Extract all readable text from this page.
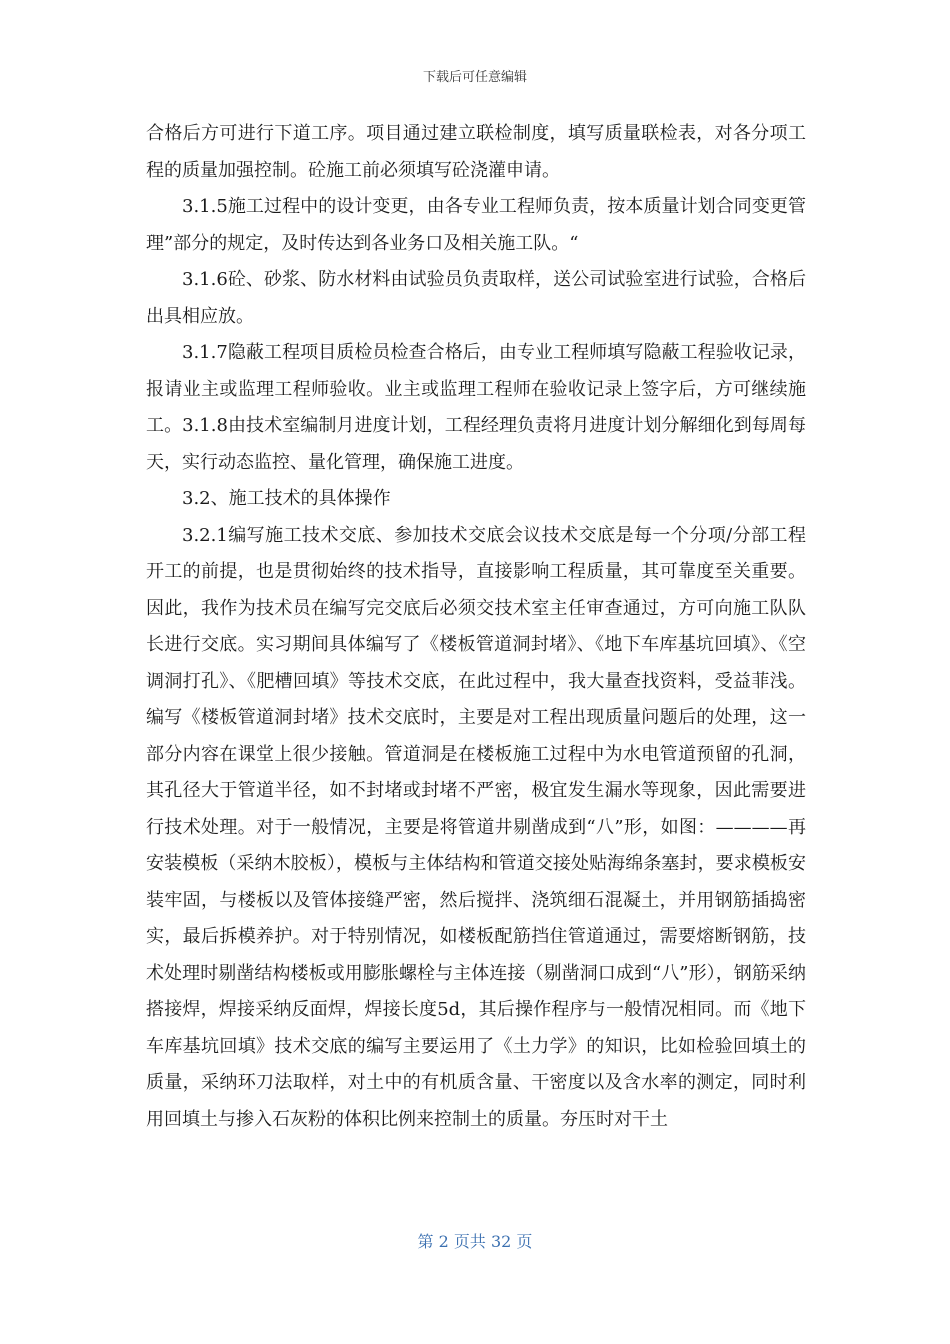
下载后可任意编辑

合格后方可进行下道工序。项目通过建立联检制度，填写质量联检表，对各分项工程的质量加强控制。砼施工前必须填写砼浇灌申请。

3.1.5施工过程中的设计变更，由各专业工程师负责，按本质量计划合同变更管理”部分的规定，及时传达到各业务口及相关施工队。“

3.1.6砼、砂浆、防水材料由试验员负责取样，送公司试验室进行试验，合格后出具相应放。

3.1.7隐蔽工程项目质检员检查合格后，由专业工程师填写隐蔽工程验收记录，报请业主或监理工程师验收。业主或监理工程师在验收记录上签字后，方可继续施工。3.1.8由技术室编制月进度计划，工程经理负责将月进度计划分解细化到每周每天，实行动态监控、量化管理，确保施工进度。

3.2、施工技术的具体操作

3.2.1编写施工技术交底、参加技术交底会议技术交底是每一个分项/分部工程开工的前提，也是贯彻始终的技术指导，直接影响工程质量，其可靠度至关重要。因此，我作为技术员在编写完交底后必须交技术室主任审查通过，方可向施工队队长进行交底。实习期间具体编写了《楼板管道洞封堵》、《地下车库基坑回填》、《空调洞打孔》、《肥槽回填》等技术交底，在此过程中，我大量查找资料，受益菲浅。编写《楼板管道洞封堵》技术交底时，主要是对工程出现质量问题后的处理，这一部分内容在课堂上很少接触。管道洞是在楼板施工过程中为水电管道预留的孔洞，其孔径大于管道半径，如不封堵或封堵不严密，极宜发生漏水等现象，因此需要进行技术处理。对于一般情况，主要是将管道井剔凿成到“八”形，如图：————再安装模板（采纳木胶板），模板与主体结构和管道交接处贴海绵条塞封，要求模板安装牢固，与楼板以及管体接缝严密，然后搅拌、浇筑细石混凝土，并用钢筋插捣密实，最后拆模养护。对于特别情况，如楼板配筋挡住管道通过，需要熔断钢筋，技术处理时剔凿结构楼板或用膨胀螺栓与主体连接（剔凿洞口成到“八”形），钢筋采纳搭接焊，焊接采纳反面焊，焊接长度5d，其后操作程序与一般情况相同。而《地下车库基坑回填》技术交底的编写主要运用了《土力学》的知识，比如检验回填土的质量，采纳环刀法取样，对土中的有机质含量、干密度以及含水率的测定，同时利用回填土与掺入石灰粉的体积比例来控制土的质量。夯压时对干土

第 2 页共 32 页
